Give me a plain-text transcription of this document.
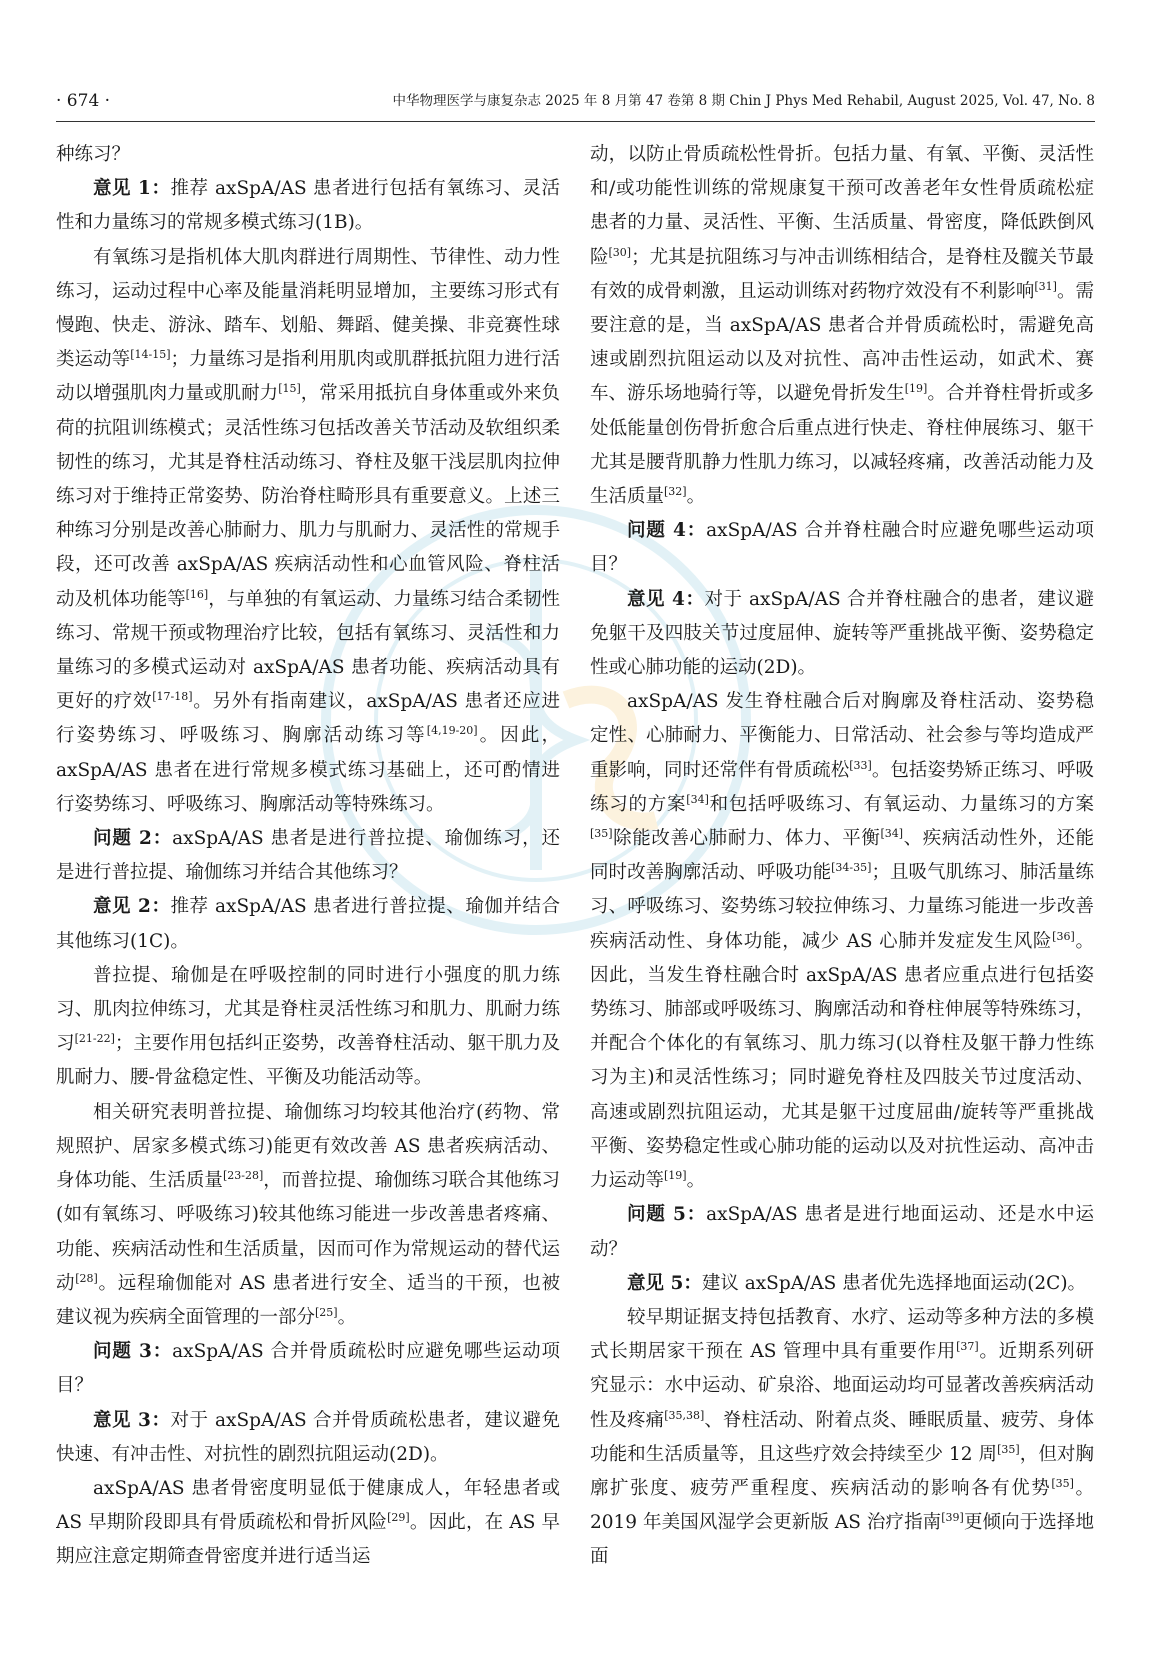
· 674 ·	中华物理医学与康复杂志 2025 年 8 月第 47 卷第 8 期 Chin J Phys Med Rehabil, August 2025, Vol. 47, No. 8

种练习？

意见 1：推荐 axSpA/AS 患者进行包括有氧练习、灵活性和力量练习的常规多模式练习(1B)。

有氧练习是指机体大肌肉群进行周期性、节律性、动力性练习，运动过程中心率及能量消耗明显增加，主要练习形式有慢跑、快走、游泳、踏车、划船、舞蹈、健美操、非竞赛性球类运动等[14-15]；力量练习是指利用肌肉或肌群抵抗阻力进行活动以增强肌肉力量或肌耐力[15]，常采用抵抗自身体重或外来负荷的抗阻训练模式；灵活性练习包括改善关节活动及软组织柔韧性的练习，尤其是脊柱活动练习、脊柱及躯干浅层肌肉拉伸练习对于维持正常姿势、防治脊柱畸形具有重要意义。上述三种练习分别是改善心肺耐力、肌力与肌耐力、灵活性的常规手段，还可改善 axSpA/AS 疾病活动性和心血管风险、脊柱活动及机体功能等[16]，与单独的有氧运动、力量练习结合柔韧性练习、常规干预或物理治疗比较，包括有氧练习、灵活性和力量练习的多模式运动对 axSpA/AS 患者功能、疾病活动具有更好的疗效[17-18]。另外有指南建议，axSpA/AS 患者还应进行姿势练习、呼吸练习、胸廓活动练习等[4,19-20]。因此，axSpA/AS 患者在进行常规多模式练习基础上，还可酌情进行姿势练习、呼吸练习、胸廓活动等特殊练习。

问题 2：axSpA/AS 患者是进行普拉提、瑜伽练习，还是进行普拉提、瑜伽练习并结合其他练习？

意见 2：推荐 axSpA/AS 患者进行普拉提、瑜伽并结合其他练习(1C)。

普拉提、瑜伽是在呼吸控制的同时进行小强度的肌力练习、肌肉拉伸练习，尤其是脊柱灵活性练习和肌力、肌耐力练习[21-22]；主要作用包括纠正姿势，改善脊柱活动、躯干肌力及肌耐力、腰-骨盆稳定性、平衡及功能活动等。

相关研究表明普拉提、瑜伽练习均较其他治疗(药物、常规照护、居家多模式练习)能更有效改善 AS 患者疾病活动、身体功能、生活质量[23-28]，而普拉提、瑜伽练习联合其他练习(如有氧练习、呼吸练习)较其他练习能进一步改善患者疼痛、功能、疾病活动性和生活质量，因而可作为常规运动的替代运动[28]。远程瑜伽能对 AS 患者进行安全、适当的干预，也被建议视为疾病全面管理的一部分[25]。

问题 3：axSpA/AS 合并骨质疏松时应避免哪些运动项目？

意见 3：对于 axSpA/AS 合并骨质疏松患者，建议避免快速、有冲击性、对抗性的剧烈抗阻运动(2D)。

axSpA/AS 患者骨密度明显低于健康成人，年轻患者或 AS 早期阶段即具有骨质疏松和骨折风险[29]。因此，在 AS 早期应注意定期筛查骨密度并进行适当运

动，以防止骨质疏松性骨折。包括力量、有氧、平衡、灵活性和/或功能性训练的常规康复干预可改善老年女性骨质疏松症患者的力量、灵活性、平衡、生活质量、骨密度，降低跌倒风险[30]；尤其是抗阻练习与冲击训练相结合，是脊柱及髋关节最有效的成骨刺激，且运动训练对药物疗效没有不利影响[31]。需要注意的是，当 axSpA/AS 患者合并骨质疏松时，需避免高速或剧烈抗阻运动以及对抗性、高冲击性运动，如武术、赛车、游乐场地骑行等，以避免骨折发生[19]。合并脊柱骨折或多处低能量创伤骨折愈合后重点进行快走、脊柱伸展练习、躯干尤其是腰背肌静力性肌力练习，以减轻疼痛，改善活动能力及生活质量[32]。

问题 4：axSpA/AS 合并脊柱融合时应避免哪些运动项目？

意见 4：对于 axSpA/AS 合并脊柱融合的患者，建议避免躯干及四肢关节过度屈伸、旋转等严重挑战平衡、姿势稳定性或心肺功能的运动(2D)。

axSpA/AS 发生脊柱融合后对胸廓及脊柱活动、姿势稳定性、心肺耐力、平衡能力、日常活动、社会参与等均造成严重影响，同时还常伴有骨质疏松[33]。包括姿势矫正练习、呼吸练习的方案[34]和包括呼吸练习、有氧运动、力量练习的方案[35]除能改善心肺耐力、体力、平衡[34]、疾病活动性外，还能同时改善胸廓活动、呼吸功能[34-35]；且吸气肌练习、肺活量练习、呼吸练习、姿势练习较拉伸练习、力量练习能进一步改善疾病活动性、身体功能，减少 AS 心肺并发症发生风险[36]。因此，当发生脊柱融合时 axSpA/AS 患者应重点进行包括姿势练习、肺部或呼吸练习、胸廓活动和脊柱伸展等特殊练习，并配合个体化的有氧练习、肌力练习(以脊柱及躯干静力性练习为主)和灵活性练习；同时避免脊柱及四肢关节过度活动、高速或剧烈抗阻运动，尤其是躯干过度屈曲/旋转等严重挑战平衡、姿势稳定性或心肺功能的运动以及对抗性运动、高冲击力运动等[19]。

问题 5：axSpA/AS 患者是进行地面运动、还是水中运动？

意见 5：建议 axSpA/AS 患者优先选择地面运动(2C)。

较早期证据支持包括教育、水疗、运动等多种方法的多模式长期居家干预在 AS 管理中具有重要作用[37]。近期系列研究显示：水中运动、矿泉浴、地面运动均可显著改善疾病活动性及疼痛[35,38]、脊柱活动、附着点炎、睡眠质量、疲劳、身体功能和生活质量等，且这些疗效会持续至少 12 周[35]，但对胸廓扩张度、疲劳严重程度、疾病活动的影响各有优势[35]。2019 年美国风湿学会更新版 AS 治疗指南[39]更倾向于选择地面
